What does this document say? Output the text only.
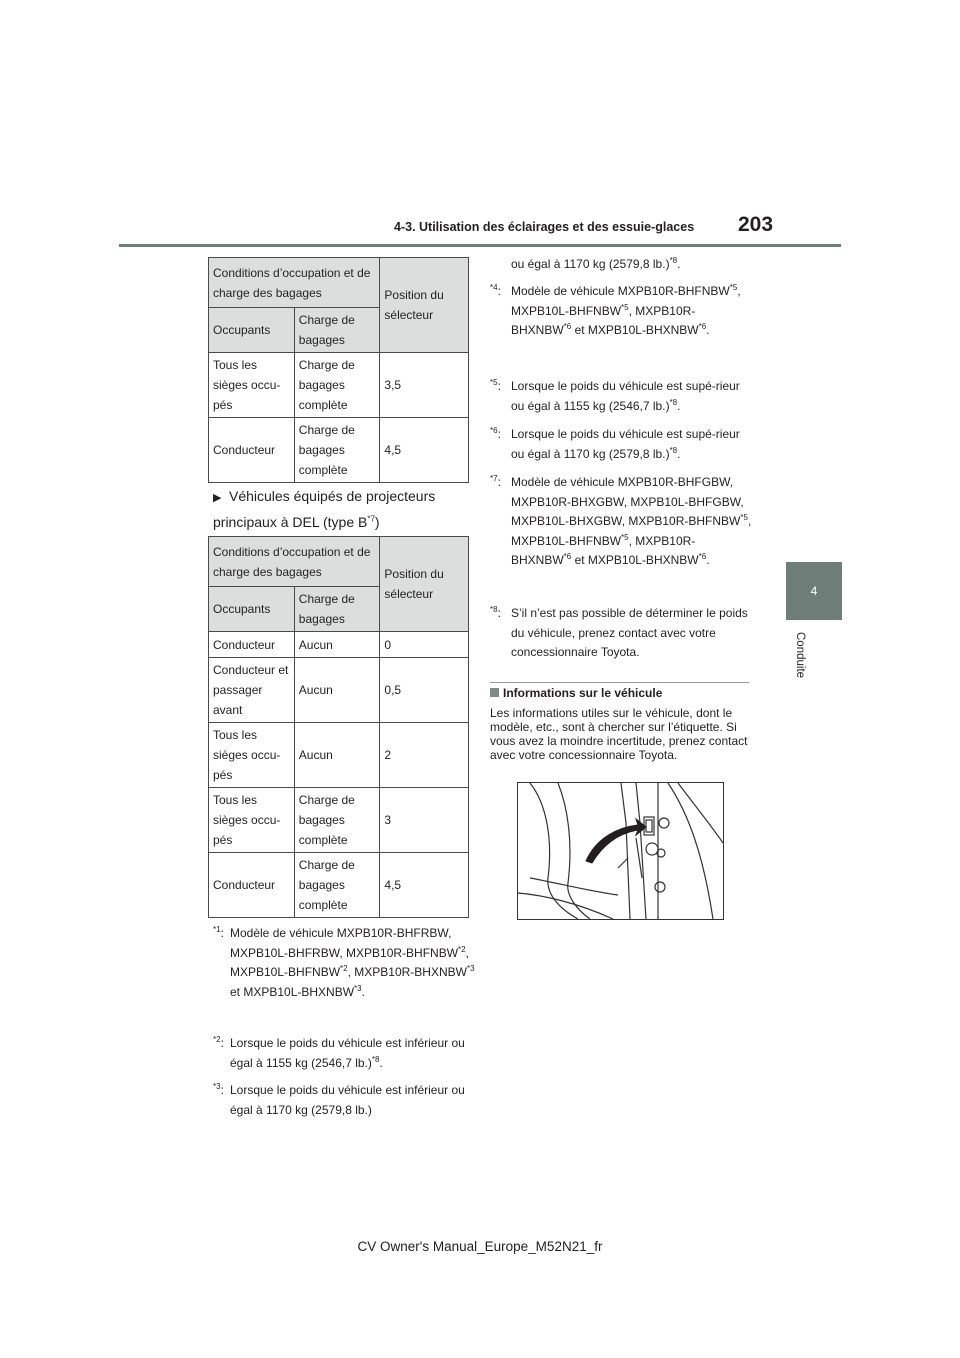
4-3. Utilisation des éclairages et des essuie-glaces	203
4
Conduite
Conditions d’occupation et de charge des bagages		Position du sélecteur
Occupants	Charge de bagages	
Tous les sièges occu-pés	Charge de bagages complète	3,5
Conducteur	Charge de bagages complète	4,5
▶ Véhicules équipés de projecteurs principaux à DEL (type $B^{*7}$)
Conditions d’occupation et de charge des bagages		Position du sélecteur
Occupants	Charge de bagages	
Conducteur	Aucun	0
Conducteur et passager avant	Aucun	0,5
Tous les sièges occu-pés	Aucun	2
Tous les sièges occu-pés	Charge de bagages complète	3
Conducteur	Charge de bagages complète	4,5
$^{*1}$: Modèle de véhicule MXPB10R-BHFRBW, MXPB10L-BHFRBW, MXPB10R-BHFNBW$^{*2}$, MXPB10L-BHFNBW$^{*2}$, MXPB10R-BHXNBW$^{*3}$ et MXPB10L-BHXNBW$^{*3}$.
$^{*2}$: Lorsque le poids du véhicule est inférieur ou égal à 1155 kg (2546,7 lb.)$^{*8}$.
$^{*3}$: Lorsque le poids du véhicule est inférieur ou égal à 1170 kg (2579,8 lb.)
ou égal à 1170 kg (2579,8 lb.)$^{*8}$.
$^{*4}$: Modèle de véhicule MXPB10R-BHFNBW$^{*5}$, MXPB10L-BHFNBW$^{*5}$, MXPB10R-BHXNBW$^{*6}$ et MXPB10L-BHXNBW$^{*6}$.
$^{*5}$: Lorsque le poids du véhicule est supé-rieur ou égal à 1155 kg (2546,7 lb.)$^{*8}$.
$^{*6}$: Lorsque le poids du véhicule est supé-rieur ou égal à 1170 kg (2579,8 lb.)$^{*8}$.
$^{*7}$: Modèle de véhicule MXPB10R-BHFGBW, MXPB10R-BHXGBW, MXPB10L-BHFGBW, MXPB10L-BHXGBW, MXPB10R-BHFNBW$^{*5}$, MXPB10L-BHFNBW$^{*5}$, MXPB10R-BHXNBW$^{*6}$ et MXPB10L-BHXNBW$^{*6}$.
$^{*8}$: S’il n’est pas possible de déterminer le poids du véhicule, prenez contact avec votre concessionnaire Toyota.
Informations sur le véhicule
Les informations utiles sur le véhicule, dont le modèle, etc., sont à chercher sur l’étiquette. Si vous avez la moindre incertitude, prenez contact avec votre concessionnaire Toyota.
CV Owner's Manual_Europe_M52N21_fr
